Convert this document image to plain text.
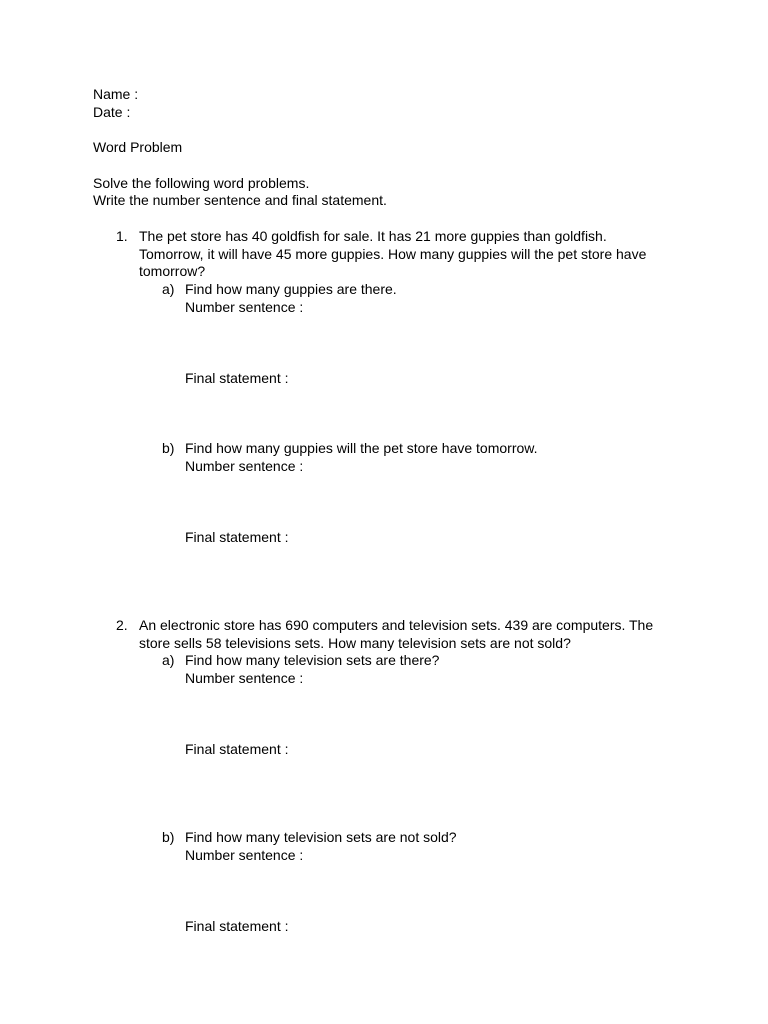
Name :
Date :
Word Problem
Solve the following word problems.
Write the number sentence and final statement.
1. The pet store has 40 goldfish for sale. It has 21 more guppies than goldfish.
Tomorrow, it will have 45 more guppies. How many guppies will the pet store have
tomorrow?
a) Find how many guppies are there.
Number sentence :
Final statement :
b) Find how many guppies will the pet store have tomorrow.
Number sentence :
Final statement :
2. An electronic store has 690 computers and television sets. 439 are computers. The
store sells 58 televisions sets. How many television sets are not sold?
a) Find how many television sets are there?
Number sentence :
Final statement :
b) Find how many television sets are not sold?
Number sentence :
Final statement :
